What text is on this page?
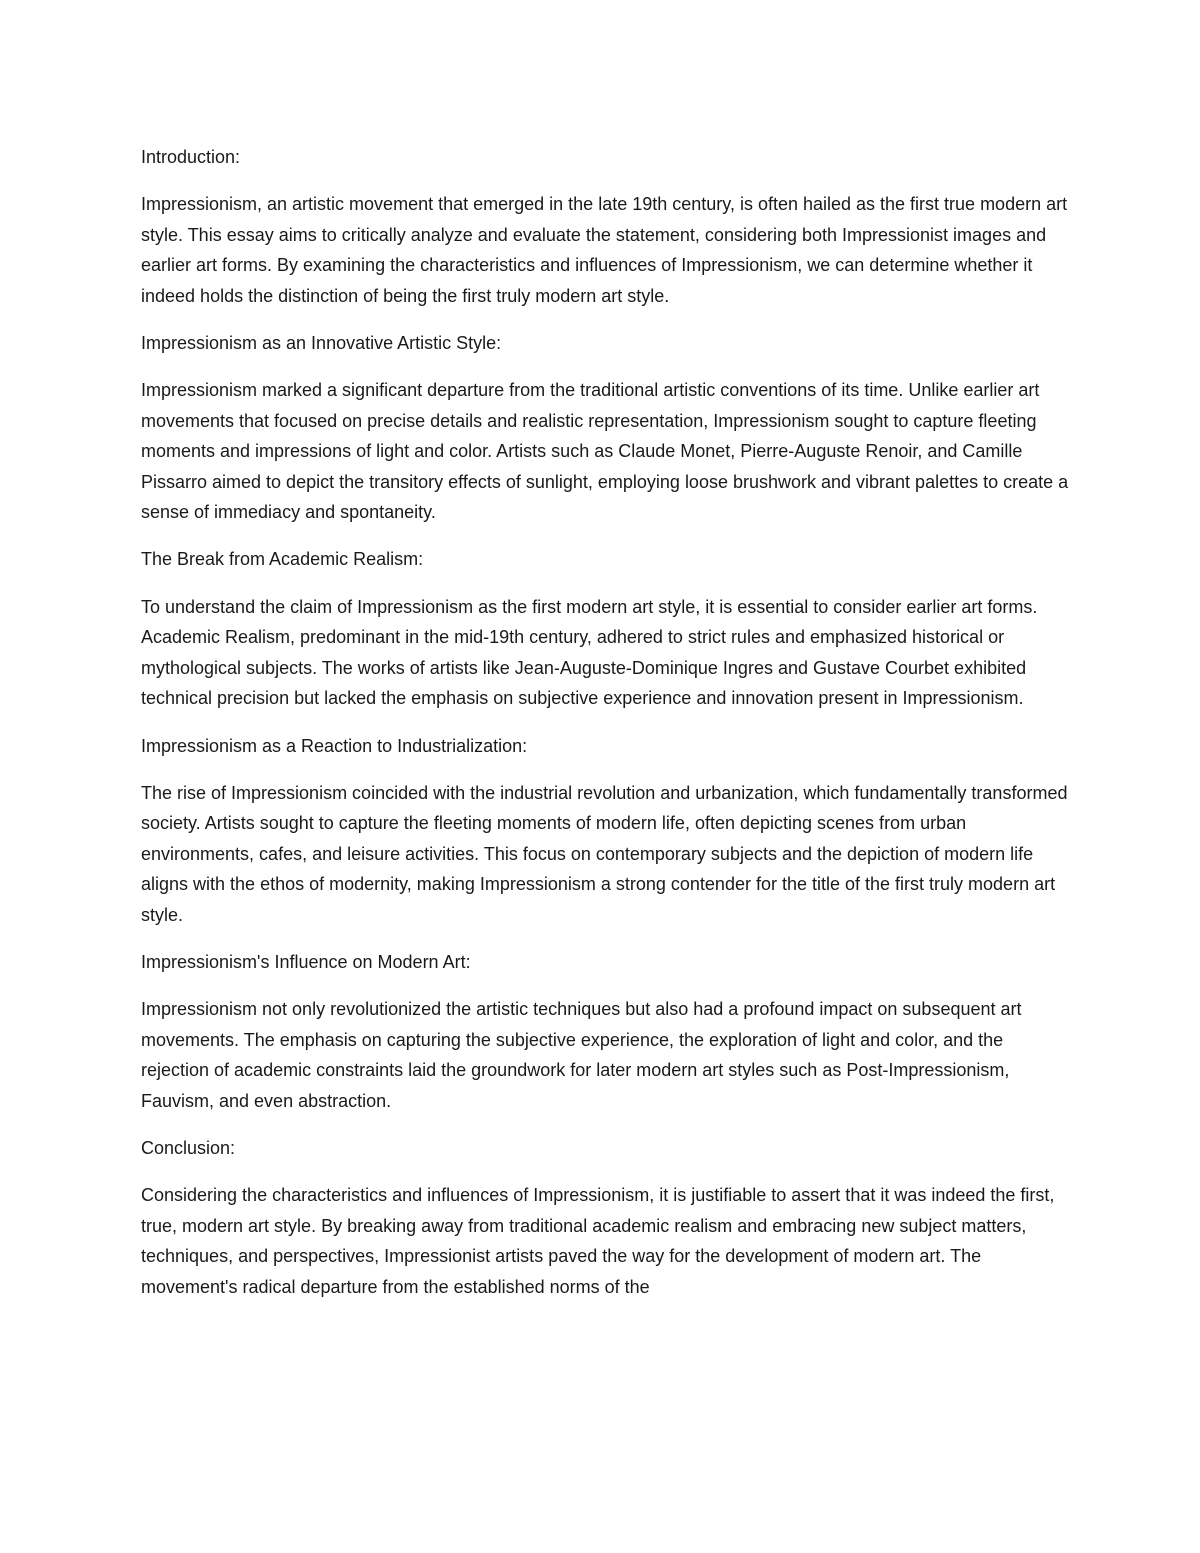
Introduction:

Impressionism, an artistic movement that emerged in the late 19th century, is often hailed as the first true modern art style. This essay aims to critically analyze and evaluate the statement, considering both Impressionist images and earlier art forms. By examining the characteristics and influences of Impressionism, we can determine whether it indeed holds the distinction of being the first truly modern art style.

Impressionism as an Innovative Artistic Style:

Impressionism marked a significant departure from the traditional artistic conventions of its time. Unlike earlier art movements that focused on precise details and realistic representation, Impressionism sought to capture fleeting moments and impressions of light and color. Artists such as Claude Monet, Pierre-Auguste Renoir, and Camille Pissarro aimed to depict the transitory effects of sunlight, employing loose brushwork and vibrant palettes to create a sense of immediacy and spontaneity.

The Break from Academic Realism:

To understand the claim of Impressionism as the first modern art style, it is essential to consider earlier art forms. Academic Realism, predominant in the mid-19th century, adhered to strict rules and emphasized historical or mythological subjects. The works of artists like Jean-Auguste-Dominique Ingres and Gustave Courbet exhibited technical precision but lacked the emphasis on subjective experience and innovation present in Impressionism.

Impressionism as a Reaction to Industrialization:

The rise of Impressionism coincided with the industrial revolution and urbanization, which fundamentally transformed society. Artists sought to capture the fleeting moments of modern life, often depicting scenes from urban environments, cafes, and leisure activities. This focus on contemporary subjects and the depiction of modern life aligns with the ethos of modernity, making Impressionism a strong contender for the title of the first truly modern art style.

Impressionism's Influence on Modern Art:

Impressionism not only revolutionized the artistic techniques but also had a profound impact on subsequent art movements. The emphasis on capturing the subjective experience, the exploration of light and color, and the rejection of academic constraints laid the groundwork for later modern art styles such as Post-Impressionism, Fauvism, and even abstraction.

Conclusion:

Considering the characteristics and influences of Impressionism, it is justifiable to assert that it was indeed the first, true, modern art style. By breaking away from traditional academic realism and embracing new subject matters, techniques, and perspectives, Impressionist artists paved the way for the development of modern art. The movement's radical departure from the established norms of the
